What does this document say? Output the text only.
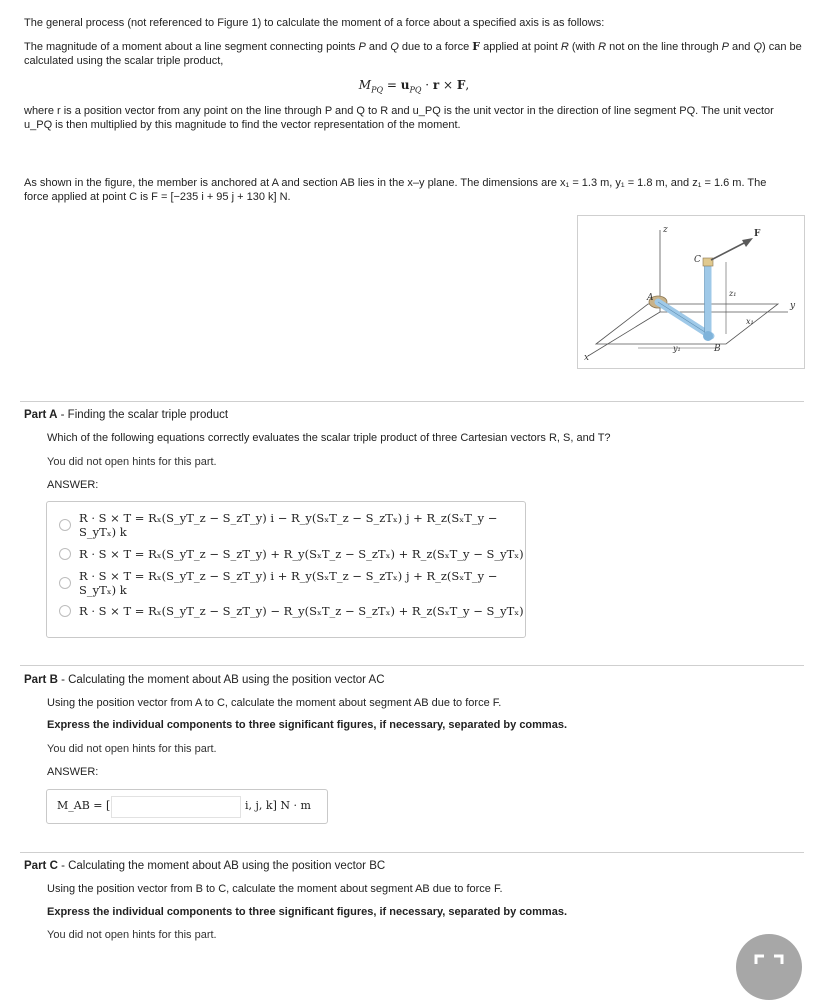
The general process (not referenced to Figure 1) to calculate the moment of a force about a specified axis is as follows:

The magnitude of a moment about a line segment connecting points P and Q due to a force F applied at point R (with R not on the line through P and Q) can be calculated using the scalar triple product,

$M_{PQ} = u_{PQ} \cdot r \times F$,

where r is a position vector from any point on the line through P and Q to R and u_PQ is the unit vector in the direction of line segment PQ. The unit vector u_PQ is then multiplied by this magnitude to find the vector representation of the moment.

As shown in the figure, the member is anchored at A and section AB lies in the x–y plane. The dimensions are x₁ = 1.3 m, y₁ = 1.8 m, and z₁ = 1.6 m. The

force applied at point C is F = [−235 i + 95 j + 130 k] N.

z	F
C
A	z₁
x₁
y
y₁	B
x
Part A - Finding the scalar triple product
Which of the following equations correctly evaluates the scalar triple product of three Cartesian vectors R, S, and T?
You did not open hints for this part.
ANSWER:
R · S × T = Rₓ(S_yT_z − S_zT_y) i − R_y(SₓT_z − S_zTₓ) j + R_z(SₓT_y − S_yTₓ) k
R · S × T = Rₓ(S_yT_z − S_zT_y) + R_y(SₓT_z − S_zTₓ) + R_z(SₓT_y − S_yTₓ)
R · S × T = Rₓ(S_yT_z − S_zT_y) i + R_y(SₓT_z − S_zTₓ) j + R_z(SₓT_y − S_yTₓ) k
R · S × T = Rₓ(S_yT_z − S_zT_y) − R_y(SₓT_z − S_zTₓ) + R_z(SₓT_y − S_yTₓ)
Part B - Calculating the moment about AB using the position vector AC
Using the position vector from A to C, calculate the moment about segment AB due to force F.
Express the individual components to three significant figures, if necessary, separated by commas.
You did not open hints for this part.
ANSWER:
M_AB = [	i, j, k] N · m
Part C - Calculating the moment about AB using the position vector BC
Using the position vector from B to C, calculate the moment about segment AB due to force F.
Express the individual components to three significant figures, if necessary, separated by commas.
You did not open hints for this part.
